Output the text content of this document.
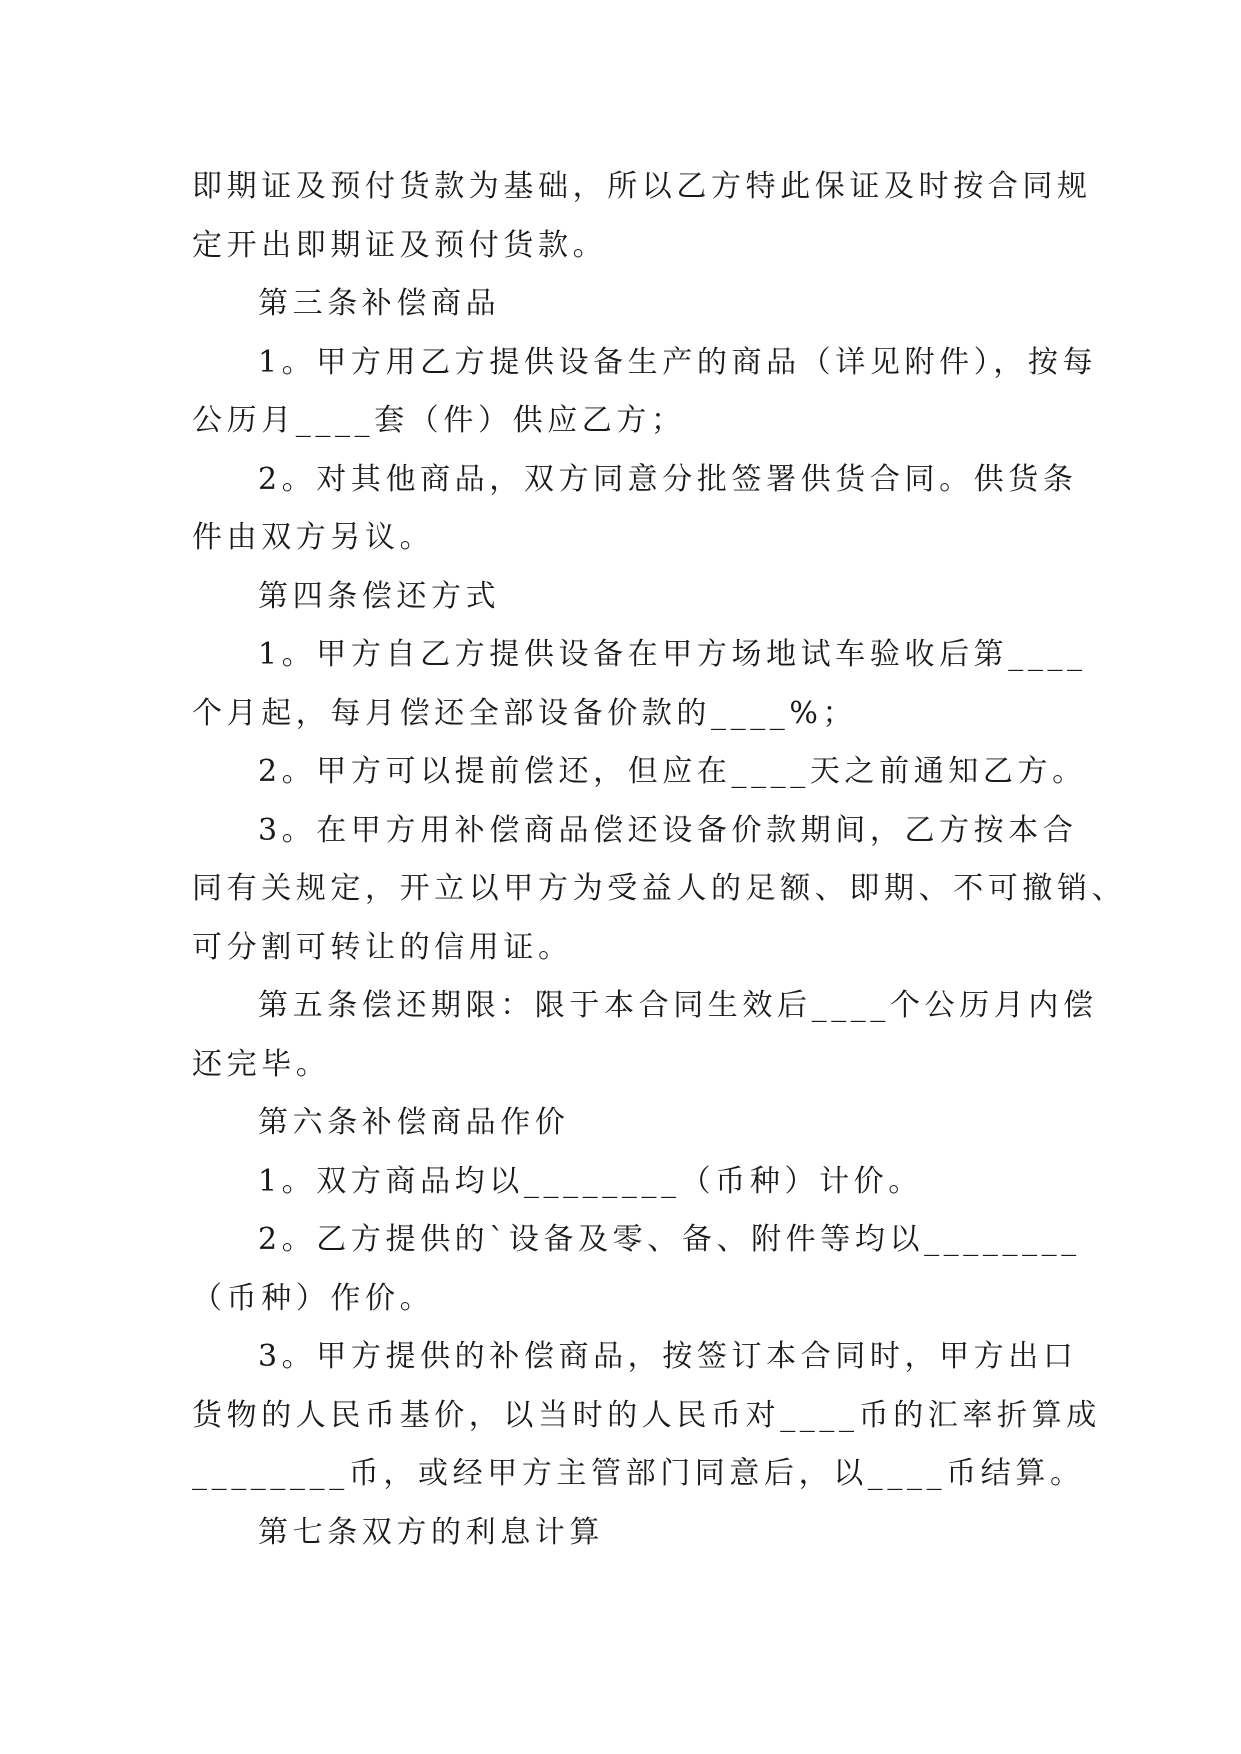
即期证及预付货款为基础，所以乙方特此保证及时按合同规
定开出即期证及预付货款。
第三条补偿商品
1。甲方用乙方提供设备生产的商品（详见附件），按每
公历月____套（件）供应乙方；
2。对其他商品，双方同意分批签署供货合同。供货条
件由双方另议。
第四条偿还方式
1。甲方自乙方提供设备在甲方场地试车验收后第____
个月起，每月偿还全部设备价款的____%；
2。甲方可以提前偿还，但应在____天之前通知乙方。
3。在甲方用补偿商品偿还设备价款期间，乙方按本合
同有关规定，开立以甲方为受益人的足额、即期、不可撤销、
可分割可转让的信用证。
第五条偿还期限：限于本合同生效后____个公历月内偿
还完毕。
第六条补偿商品作价
1。双方商品均以________（币种）计价。
2。乙方提供的`设备及零、备、附件等均以________
（币种）作价。
3。甲方提供的补偿商品，按签订本合同时，甲方出口
货物的人民币基价，以当时的人民币对____币的汇率折算成
________币，或经甲方主管部门同意后，以____币结算。
第七条双方的利息计算
